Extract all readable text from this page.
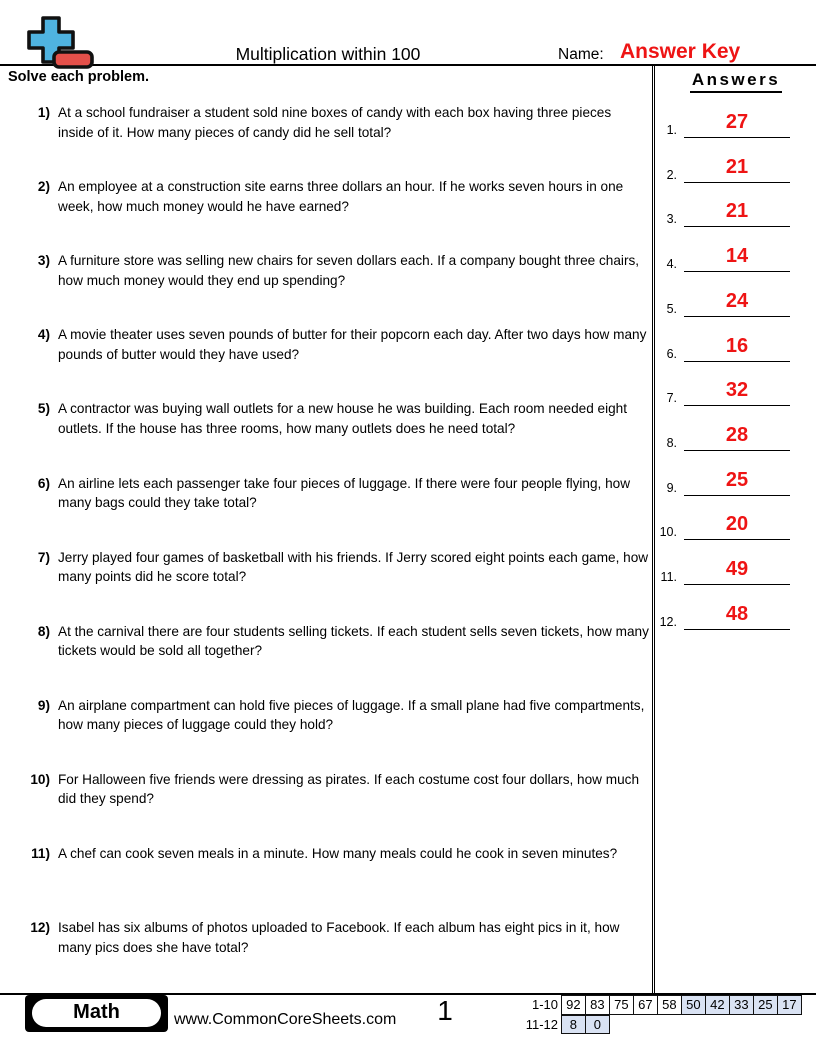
Multiplication within 100	Name: Answer Key
Solve each problem.	Answers
1.	27
2.	21
3.	21
4.	14
5.	24
6.	16
7.	32
8.	28
9.	25
10.	20
11.	49
12.	48
1) At a school fundraiser a student sold nine boxes of candy with each box having three pieces inside of it. How many pieces of candy did he sell total?
2) An employee at a construction site earns three dollars an hour. If he works seven hours in one week, how much money would he have earned?
3) A furniture store was selling new chairs for seven dollars each. If a company bought three chairs, how much money would they end up spending?
4) A movie theater uses seven pounds of butter for their popcorn each day. After two days how many pounds of butter would they have used?
5) A contractor was buying wall outlets for a new house he was building. Each room needed eight outlets. If the house has three rooms, how many outlets does he need total?
6) An airline lets each passenger take four pieces of luggage. If there were four people flying, how many bags could they take total?
7) Jerry played four games of basketball with his friends. If Jerry scored eight points each game, how many points did he score total?
8) At the carnival there are four students selling tickets. If each student sells seven tickets, how many tickets would be sold all together?
9) An airplane compartment can hold five pieces of luggage. If a small plane had five compartments, how many pieces of luggage could they hold?
10) For Halloween five friends were dressing as pirates. If each costume cost four dollars, how much did they spend?
11) A chef can cook seven meals in a minute. How many meals could he cook in seven minutes?
12) Isabel has six albums of photos uploaded to Facebook. If each album has eight pics in it, how many pics does she have total?
Math	www.CommonCoreSheets.com	1	1-10 92 83 75 67 58 50 42 33 25 17
11-12 8	0
